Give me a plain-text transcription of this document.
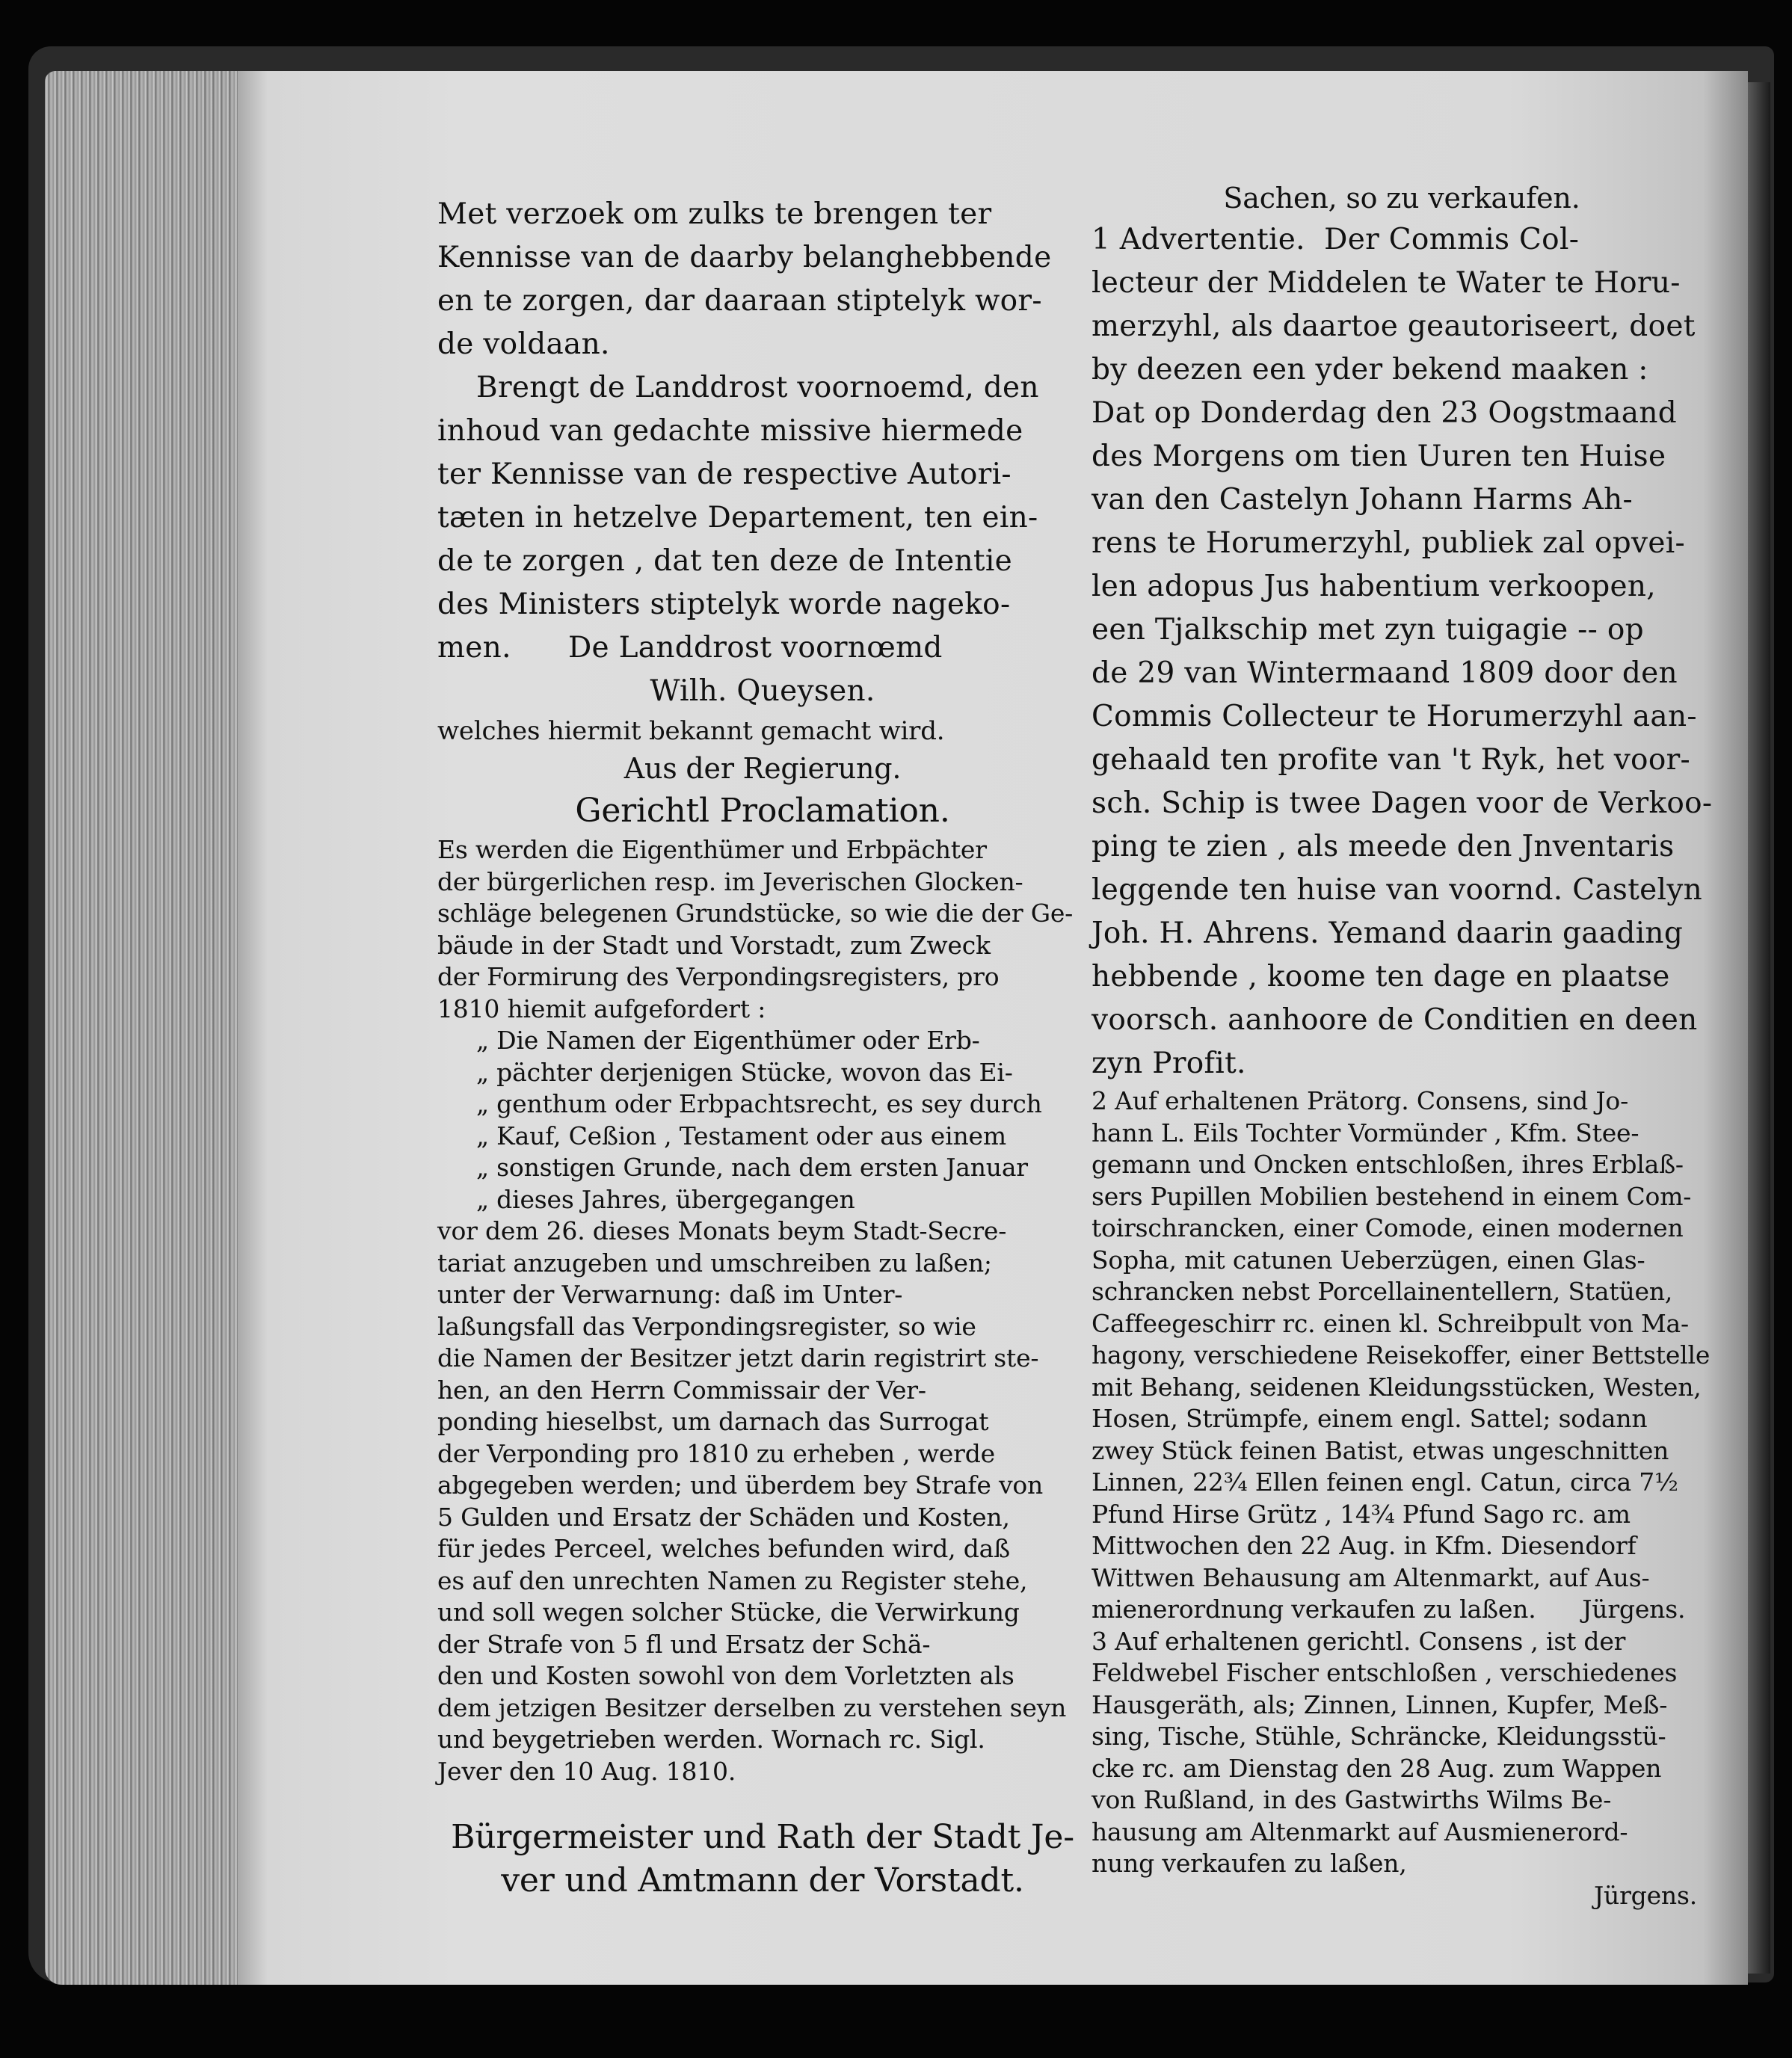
Met verzoek om zulks te brengen ter
Kennisse van de daarby belanghebbende
en te zorgen, dar daaraan stiptelyk wor-
de voldaan.
Brengt de Landdrost voornoemd, den
inhoud van gedachte missive hiermede
ter Kennisse van de respective Autori-
tæten in hetzelve Departement, ten ein-
de te zorgen , dat ten deze de Intentie
des Ministers stiptelyk worde nageko-
men.      De Landdrost voornœmd
Wilh. Queysen.
welches hiermit bekannt gemacht wird.
Aus der Regierung.
Gerichtl Proclamation.
Es werden die Eigenthümer und Erbpächter
der bürgerlichen resp. im Jeverischen Glocken-
schläge belegenen Grundstücke, so wie die der Ge-
bäude in der Stadt und Vorstadt, zum Zweck
der Formirung des Verpondingsregisters, pro
1810 hiemit aufgefordert :
„ Die Namen der Eigenthümer oder Erb-
„ pächter derjenigen Stücke, wovon das Ei-
„ genthum oder Erbpachtsrecht, es sey durch
„ Kauf, Ceßion , Testament oder aus einem
„ sonstigen Grunde, nach dem ersten Januar
„ dieses Jahres, übergegangen
vor dem 26. dieses Monats beym Stadt-Secre-
tariat anzugeben und umschreiben zu laßen;
unter der Verwarnung: daß im Unter-
laßungsfall das Verpondingsregister, so wie
die Namen der Besitzer jetzt darin registrirt ste-
hen, an den Herrn Commissair der Ver-
ponding hieselbst, um darnach das Surrogat
der Verponding pro 1810 zu erheben , werde
abgegeben werden; und überdem bey Strafe von
5 Gulden und Ersatz der Schäden und Kosten,
für jedes Perceel, welches befunden wird, daß
es auf den unrechten Namen zu Register stehe,
und soll wegen solcher Stücke, die Verwirkung
der Strafe von 5 fl und Ersatz der Schä-
den und Kosten sowohl von dem Vorletzten als
dem jetzigen Besitzer derselben zu verstehen seyn
und beygetrieben werden. Wornach rc. Sigl.
Jever den 10 Aug. 1810.
Bürgermeister und Rath der Stadt Je-
ver und Amtmann der Vorstadt.
Sachen, so zu verkaufen.
1 Advertentie.  Der Commis Col-
lecteur der Middelen te Water te Horu-
merzyhl, als daartoe geautoriseert, doet
by deezen een yder bekend maaken :
Dat op Donderdag den 23 Oogstmaand
des Morgens om tien Uuren ten Huise
van den Castelyn Johann Harms Ah-
rens te Horumerzyhl, publiek zal opvei-
len adopus Jus habentium verkoopen,
een Tjalkschip met zyn tuigagie -- op
de 29 van Wintermaand 1809 door den
Commis Collecteur te Horumerzyhl aan-
gehaald ten profite van 't Ryk, het voor-
sch. Schip is twee Dagen voor de Verkoo-
ping te zien , als meede den Jnventaris
leggende ten huise van voornd. Castelyn
Joh. H. Ahrens. Yemand daarin gaading
hebbende , koome ten dage en plaatse
voorsch. aanhoore de Conditien en deen
zyn Profit.
2 Auf erhaltenen Prätorg. Consens, sind Jo-
hann L. Eils Tochter Vormünder , Kfm. Stee-
gemann und Oncken entschloßen, ihres Erblaß-
sers Pupillen Mobilien bestehend in einem Com-
toirschrancken, einer Comode, einen modernen
Sopha, mit catunen Ueberzügen, einen Glas-
schrancken nebst Porcellainentellern, Statüen,
Caffeegeschirr rc. einen kl. Schreibpult von Ma-
hagony, verschiedene Reisekoffer, einer Bettstelle
mit Behang, seidenen Kleidungsstücken, Westen,
Hosen, Strümpfe, einem engl. Sattel; sodann
zwey Stück feinen Batist, etwas ungeschnitten
Linnen, 22¾ Ellen feinen engl. Catun, circa 7½
Pfund Hirse Grütz , 14¾ Pfund Sago rc. am
Mittwochen den 22 Aug. in Kfm. Diesendorf
Wittwen Behausung am Altenmarkt, auf Aus-
mienerordnung verkaufen zu laßen.      Jürgens.
3 Auf erhaltenen gerichtl. Consens , ist der
Feldwebel Fischer entschloßen , verschiedenes
Hausgeräth, als; Zinnen, Linnen, Kupfer, Meß-
sing, Tische, Stühle, Schräncke, Kleidungsstü-
cke rc. am Dienstag den 28 Aug. zum Wappen
von Rußland, in des Gastwirths Wilms Be-
hausung am Altenmarkt auf Ausmienerord-
nung verkaufen zu laßen,
Jürgens.
